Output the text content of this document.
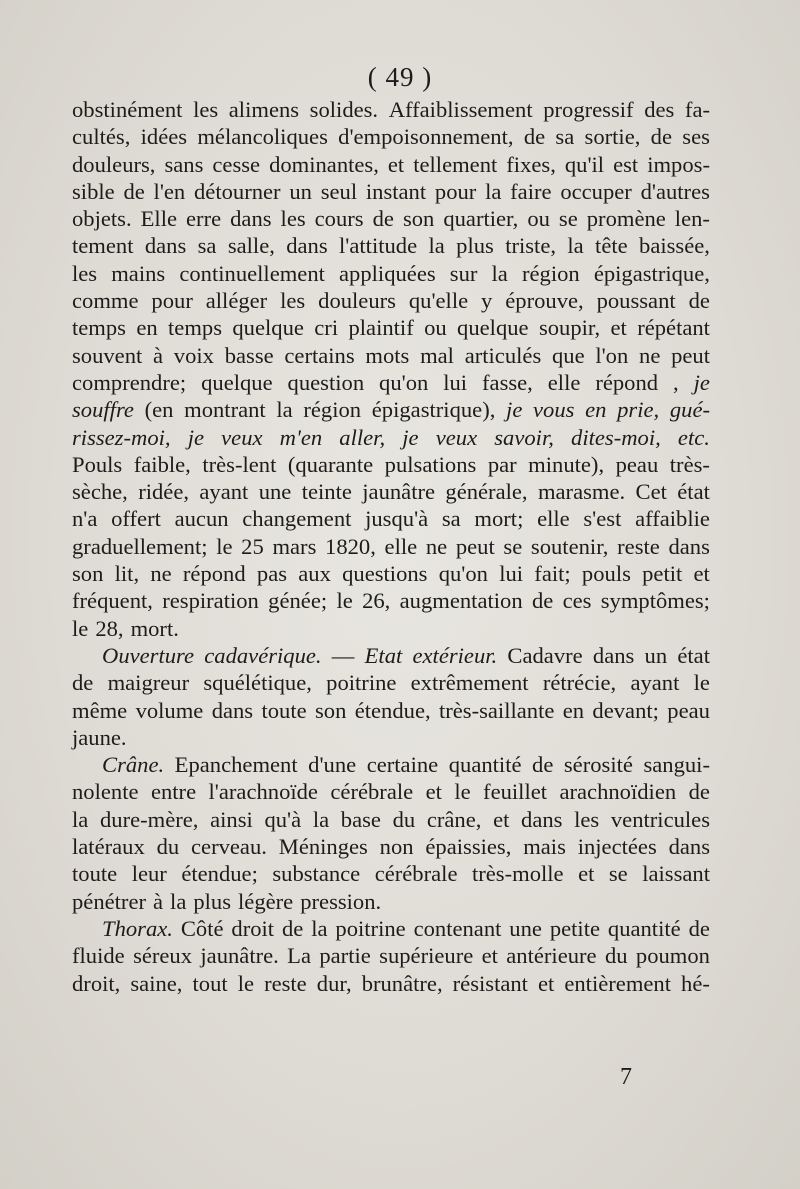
( 49 )
obstinément les alimens solides. Affaiblissement progressif des fa-
cultés, idées mélancoliques d'empoisonnement, de sa sortie, de ses
douleurs, sans cesse dominantes, et tellement fixes, qu'il est impos-
sible de l'en détourner un seul instant pour la faire occuper d'autres
objets. Elle erre dans les cours de son quartier, ou se promène len-
tement dans sa salle, dans l'attitude la plus triste, la tête baissée,
les mains continuellement appliquées sur la région épigastrique,
comme pour alléger les douleurs qu'elle y éprouve, poussant de
temps en temps quelque cri plaintif ou quelque soupir, et répétant
souvent à voix basse certains mots mal articulés que l'on ne peut
comprendre; quelque question qu'on lui fasse, elle répond , je
souffre (en montrant la région épigastrique), je vous en prie, gué-
rissez-moi, je veux m'en aller, je veux savoir, dites-moi, etc.
Pouls faible, très-lent (quarante pulsations par minute), peau très-
sèche, ridée, ayant une teinte jaunâtre générale, marasme. Cet état
n'a offert aucun changement jusqu'à sa mort; elle s'est affaiblie
graduellement; le 25 mars 1820, elle ne peut se soutenir, reste dans
son lit, ne répond pas aux questions qu'on lui fait; pouls petit et
fréquent, respiration génée; le 26, augmentation de ces symptômes;
le 28, mort.
Ouverture cadavérique. — Etat extérieur. Cadavre dans un état
de maigreur squélétique, poitrine extrêmement rétrécie, ayant le
même volume dans toute son étendue, très-saillante en devant; peau
jaune.
Crâne. Epanchement d'une certaine quantité de sérosité sangui-
nolente entre l'arachnoïde cérébrale et le feuillet arachnoïdien de
la dure-mère, ainsi qu'à la base du crâne, et dans les ventricules
latéraux du cerveau. Méninges non épaissies, mais injectées dans
toute leur étendue; substance cérébrale très-molle et se laissant
pénétrer à la plus légère pression.
Thorax. Côté droit de la poitrine contenant une petite quantité de
fluide séreux jaunâtre. La partie supérieure et antérieure du poumon
droit, saine, tout le reste dur, brunâtre, résistant et entièrement hé-
7
